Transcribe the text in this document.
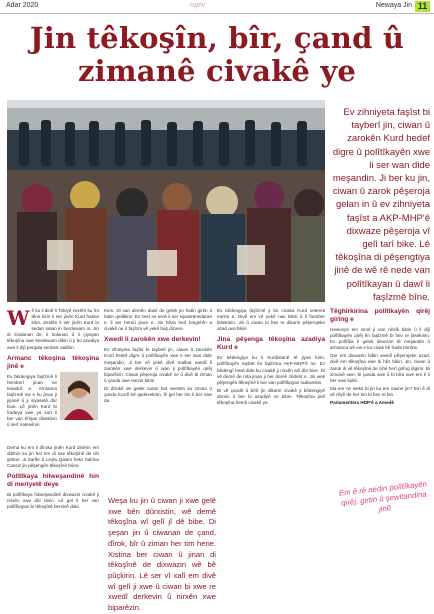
Adar 2020	rojev	Newaya Jin 11
Jin têkoşîn, bîr, çand û zimanê civakê ye
Ev zihniyeta faşîst bi tayberî jin, ciwan û zarokên Kurd hedef digre û polîtîkayên xwe li ser wan dide meşandin. Ji ber ku jin, ciwan û zarok pêşeroja gelan in û ev zihniyeta faşîst a AKP-MHP'ê dixwaze pêşeroja vî gelî tarî bike. Lê têkoşîna di pêşengtiya jinê de wê rê nede van polîtîkayan û dawî li faşîzmê bîne.

Wê ku li dinê li Tirkiyê zextên ku îro têne kirin li ser jinên Kurd hatine kirin. Zextên li ser jinên Kurd bi sedan salan in berdewam in. Jin di zindanan de, li kolanan û li çiyayan têkoşîna xwe berdewam dikin û ji bo azadiya xwe li dijî pergala serdest radibin.

Armanc têkoşîna têkoşîna jinê e

Ev bêdengiya faşîzmê li hemberî jinan ne tesaduf e. Armanca faşîzmê ew e ku jinan ji jiyanê û ji siyasetê dûr bixe. Lê jinên Kurd bi îradeya xwe ya xurt li ber van êrîşan disekinin û serî natewînin.

Dema ku em li dîroka jinên Kurd dinêrin em dibînin ku jin her tim di nav têkoşînê de cih girtine. Ji Zarîfe û Leyla Qasim heta Sakîne Cansiz jin pêşengên têkoşînê bûne.

Polîtîkaya hilweşandinê hin di meriyetê deye

Bi polîtîkaya hilweşandinê dixwazin civakê ji nirxên xwe dûr bixin. Lê gel li ber van polîtîkayan bi têkoşînê bersivê dide.

Kirin. Di van demên dawî de gelek jin hatin girtin û hatin qetilkirin. Ev zext ne tenê li ser siyasetmedaran e, li ser hemû jinan e. Jin hêza herî bingehîn a civakê ne û faşîzm vê yekê baş dizane.

Xwedî li zarokên xwe derkevin!

Ev zihniyeta faşîst bi taybetî jin, ciwan û zarokên Kurd hedef digre û polîtîkayên xwe li ser wan dide meşandin. Ji ber vê yekê divê malbat xwedî li zarokên xwe derkevin û wan ji polîtîkayên qirêj biparêzin. Ciwan pêşeroja civakê ne û divê bi ziman û çanda xwe mezin bibin.

Di dîrokê de gelek caran hat xwestin ku ziman û çanda Kurdî bê qedexekirin, lê gel her tim li ber xwe da.

Weşa ku jin û ciwan ji xwe gelê xwe bên dûrxistin, wê demê têkoşîna wî gelî jî dê bibe. Di şeşan jin û ciwanan de çand, dîrok, bîr û ziman her tim hene. Xistina ber ciwan û jinan di têkoşînê de dixwazin wê bê pûçkirin. Lê ser vî xalî em divê wî gelî ji xwe û ciwan bi xwe re xwedî derkevin û nirxên xwe biparêzin.

Ev bêdengiya faşîzmê ji bo civaka Kurd xeterek mezin e. Divê em vê yekê nas bikin û li hember bisekinin. Jin û ciwan bi hev re dikarin pêşerojeke azad ava bikin.

Jina pêşenga têkoşîna azadiya Kurd e

Ev bêdengiya ku li Kurdistanê tê jiyan kirin, polîtîkayên taybet ên faşîzma AKP-MHP'ê ne. Ev bêdengî hewl dide ku civakê ji nirxên wê dûr bixe. Di vê demê de rola jinan ji her demê zêdetir e. Jin wek pêşengên têkoşînê li ber van polîtîkayan radiwestin.

Bi vê çandê û bîrê jin dikarin civakê ji bêdengiyê derxin û ber bi azadiyê ve bibin. Têkoşîna jinê têkoşîna hemû civakê ye.

Têghîrkirina polîtîkayên qirêj girîng e

Hewceye em nirxê ji van nêzîk bibin û li dijî polîtîkayên qirêj ên faşîzmê bi hev re bisekinin. Ev polîtîka li gelek deveran tê meşandin û armanca wê ew e ku civak bê îrade bimîne.

Ger em dixwazin bibin xwedî pêşerojeke azad, divê em têkoşîna xwe bi hêz bikin. Jin, ciwan û zarok di vê têkoşînê de cihê herî girîng digirin. Bi zimanê xwe, bi çanda xwe û bi bîra xwe em ê li ber xwe bidin.

Ma em ne weke bi jin ku em navne jin? Em ê di vê rêyê de her tim bi hev re bin.

Parlamentera HDP'ê a Amedê

Em ê rê nedin polîtîkayên qirêj, girtin û şewitandina jinê
